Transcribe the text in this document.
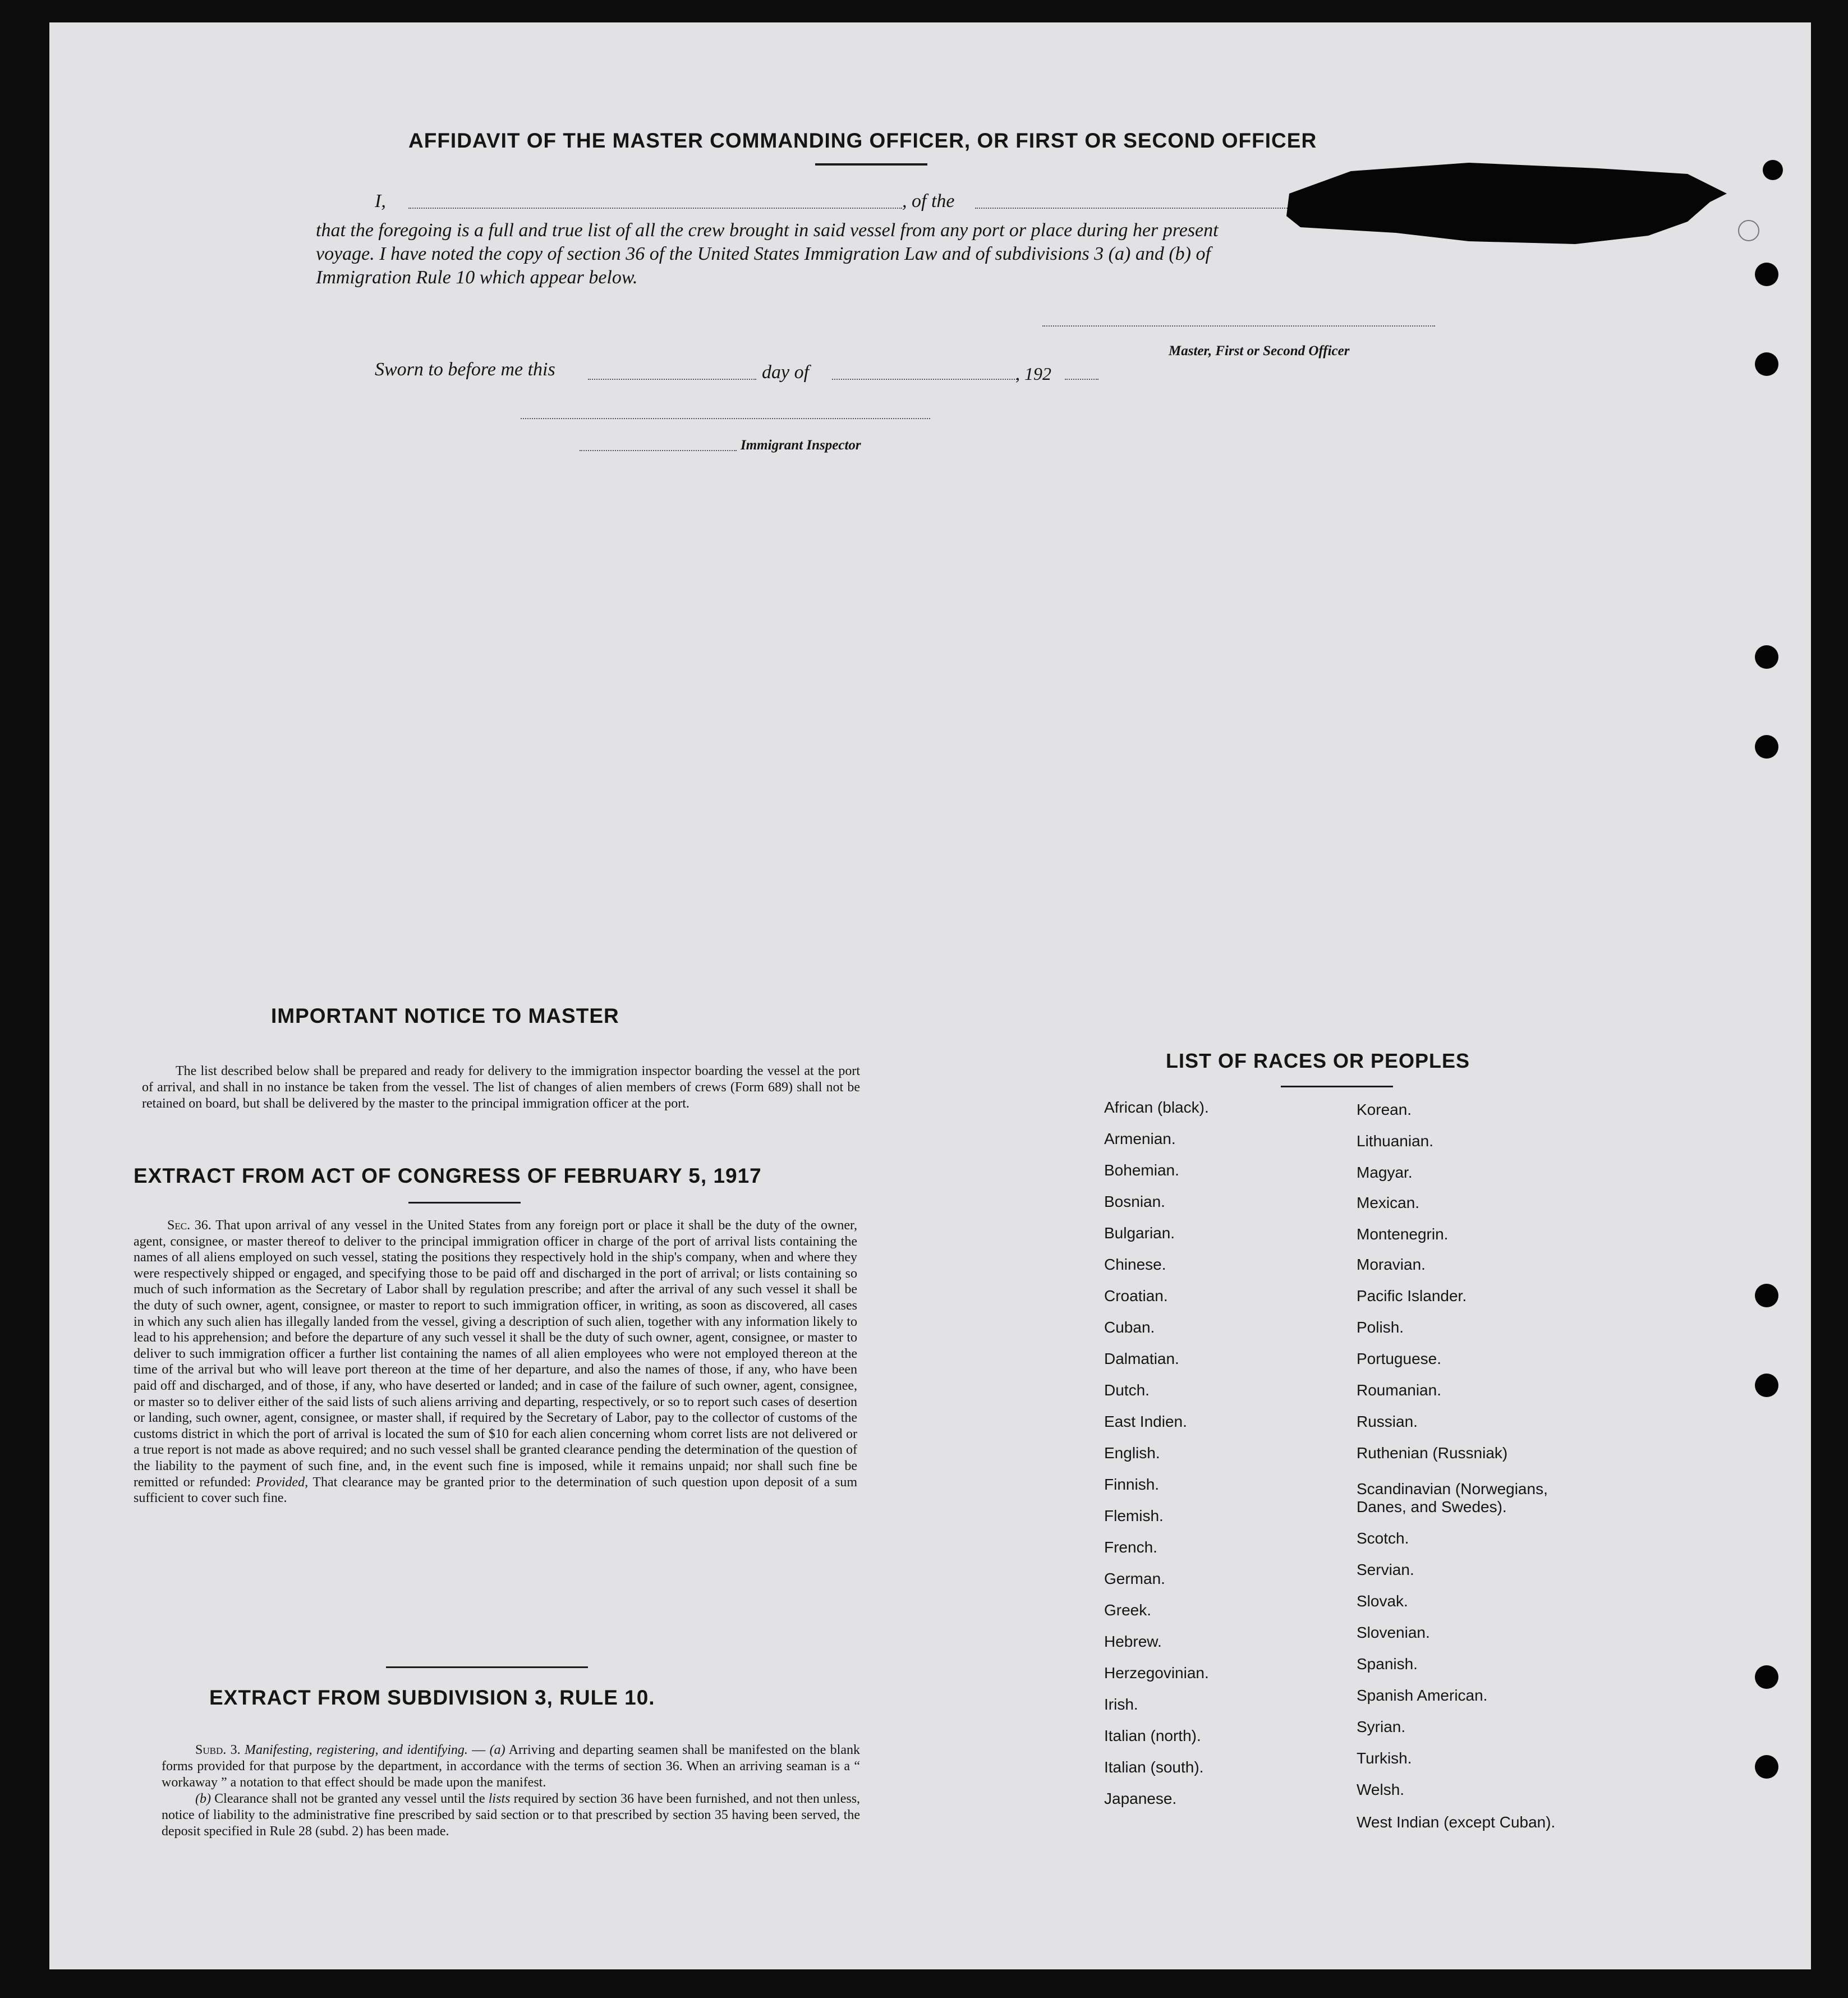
AFFIDAVIT OF THE MASTER COMMANDING OFFICER, OR FIRST OR SECOND OFFICER
I,	, of the

that the foregoing is a full and true list of all the crew brought in said vessel from any port or place during her present

voyage. I have noted the copy of section 36 of the United States Immigration Law and of subdivisions 3 (a) and (b) of

Immigration Rule 10 which appear below.

Master, First or Second Officer
Sworn to before me this	day of	, 192
Immigrant Inspector
IMPORTANT NOTICE TO MASTER
The list described below shall be prepared and ready for delivery to the immigration inspector boarding the vessel at the port of arrival, and shall in no instance be taken from the vessel. The list of changes of alien members of crews (Form 689) shall not be retained on board, but shall be delivered by the master to the principal immigration officer at the port.
EXTRACT FROM ACT OF CONGRESS OF FEBRUARY 5, 1917
Sec. 36. That upon arrival of any vessel in the United States from any foreign port or place it shall be the duty of the owner, agent, consignee, or master thereof to deliver to the principal immigration officer in charge of the port of arrival lists containing the names of all aliens employed on such vessel, stating the positions they respectively hold in the ship's company, when and where they were respectively shipped or engaged, and specifying those to be paid off and discharged in the port of arrival; or lists containing so much of such information as the Secretary of Labor shall by regulation prescribe; and after the arrival of any such vessel it shall be the duty of such owner, agent, consignee, or master to report to such immigration officer, in writing, as soon as discovered, all cases in which any such alien has illegally landed from the vessel, giving a description of such alien, together with any information likely to lead to his apprehension; and before the departure of any such vessel it shall be the duty of such owner, agent, consignee, or master to deliver to such immigration officer a further list containing the names of all alien employees who were not employed thereon at the time of the arrival but who will leave port thereon at the time of her departure, and also the names of those, if any, who have been paid off and discharged, and of those, if any, who have deserted or landed; and in case of the failure of such owner, agent, consignee, or master so to deliver either of the said lists of such aliens arriving and departing, respectively, or so to report such cases of desertion or landing, such owner, agent, consignee, or master shall, if required by the Secretary of Labor, pay to the collector of customs of the customs district in which the port of arrival is located the sum of $10 for each alien concerning whom corret lists are not delivered or a true report is not made as above required; and no such vessel shall be granted clearance pending the determination of the question of the liability to the payment of such fine, and, in the event such fine is imposed, while it remains unpaid; nor shall such fine be remitted or refunded: Provided, That clearance may be granted prior to the determination of such question upon deposit of a sum sufficient to cover such fine.
EXTRACT FROM SUBDIVISION 3, RULE 10.

Subd. 3. Manifesting, registering, and identifying. — (a) Arriving and departing seamen shall be manifested on the blank forms provided for that purpose by the department, in accordance with the terms of section 36. When an arriving seaman is a “ workaway ” a notation to that effect should be made upon the manifest.

(b) Clearance shall not be granted any vessel until the lists required by section 36 have been furnished, and not then unless, notice of liability to the administrative fine prescribed by said section or to that prescribed by section 35 having been served, the deposit specified in Rule 28 (subd. 2) has been made.

LIST OF RACES OR PEOPLES
African (black).
Armenian.
Bohemian.
Bosnian.
Bulgarian.
Chinese.
Croatian.
Cuban.
Dalmatian.
Dutch.
East Indien.
English.
Finnish.
Flemish.
French.
German.
Greek.
Hebrew.
Herzegovinian.
Irish.
Italian (north).
Italian (south).
Japanese.
Korean.
Lithuanian.
Magyar.
Mexican.
Montenegrin.
Moravian.
Pacific Islander.
Polish.
Portuguese.
Roumanian.
Russian.
Ruthenian (Russniak)
Scandinavian (Norwegians, Danes, and Swedes).
Scotch.
Servian.
Slovak.
Slovenian.
Spanish.
Spanish American.
Syrian.
Turkish.
Welsh.
West Indian (except Cuban).
